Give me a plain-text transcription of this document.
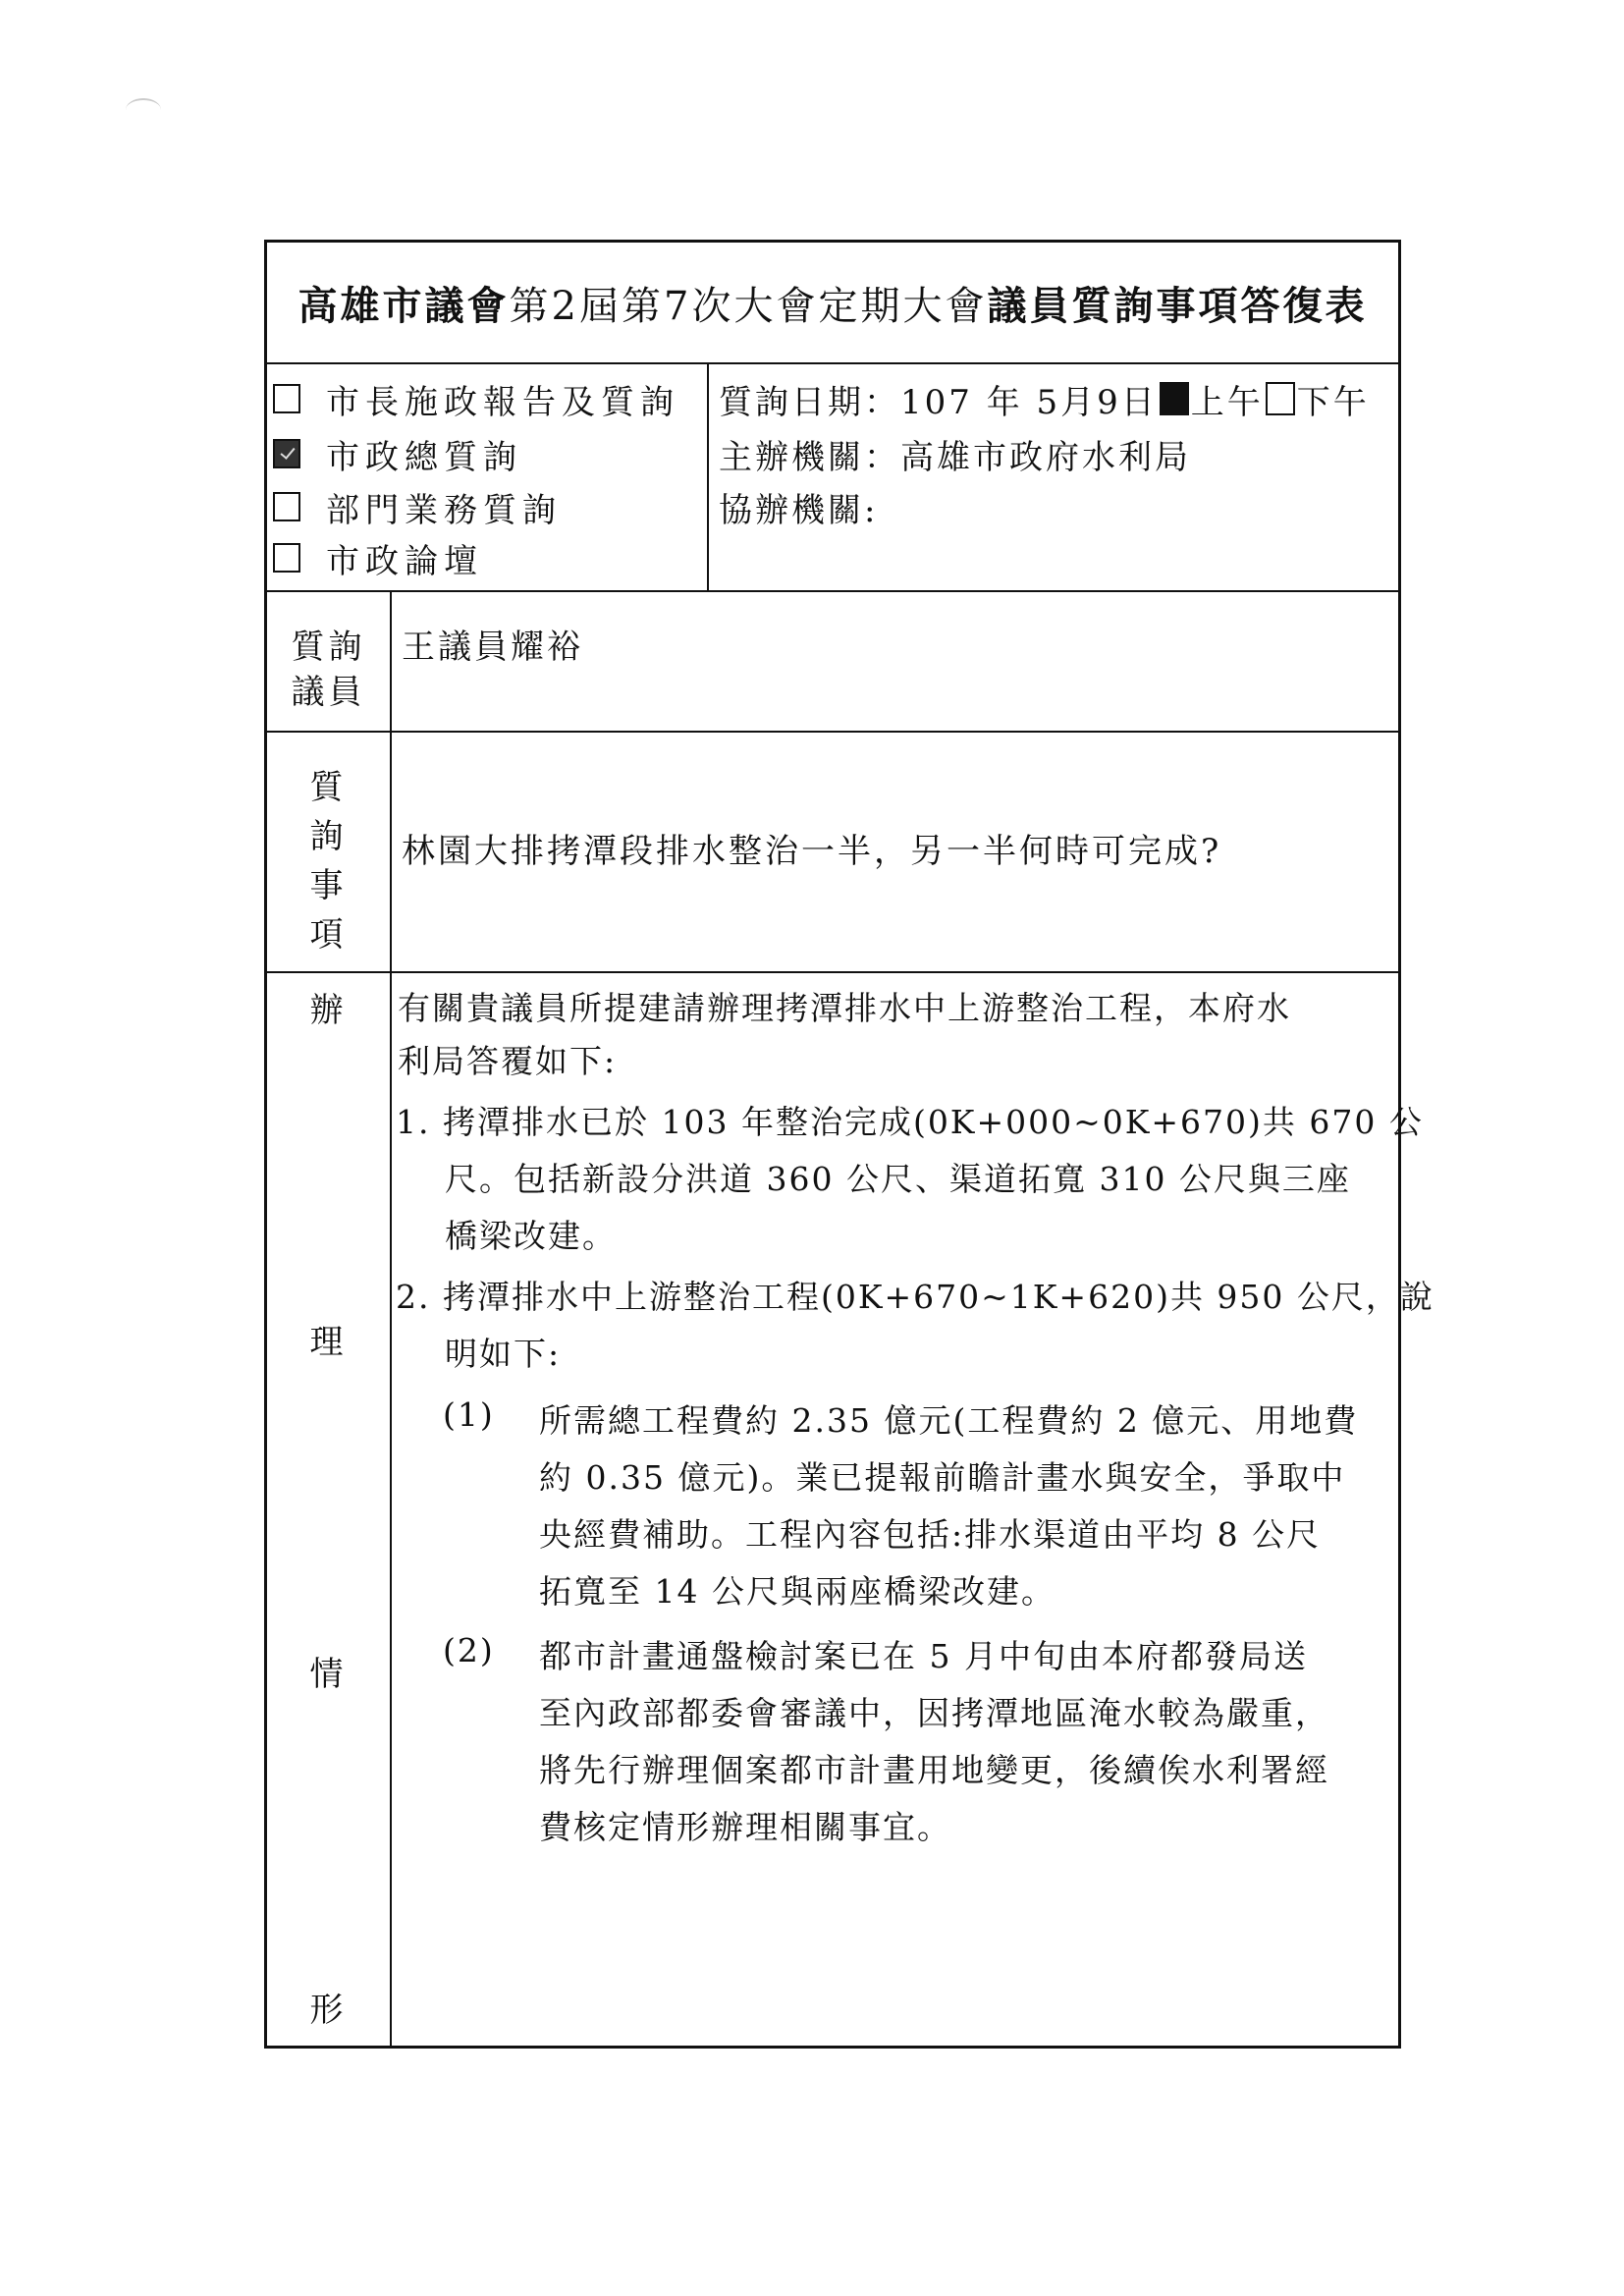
高雄市議會 第2屆第7次大會定期大會 議員質詢事項答復表
市長施政報告及質詢
市政總質詢
部門業務質詢
市政論壇
質詢日期： 107 年 5月9日 上午 下午
主辦機關： 高雄市政府水利局
協辦機關:
質詢
議員
王議員耀裕
質
詢
事
項
林園大排拷潭段排水整治一半，另一半何時可完成?
辦
理
情
形
有關貴議員所提建請辦理拷潭排水中上游整治工程，本府水
利局答覆如下:
1. 拷潭排水已於 103 年整治完成(0K+000~0K+670)共 670 公
尺。包括新設分洪道 360 公尺、渠道拓寬 310 公尺與三座
橋梁改建。
2. 拷潭排水中上游整治工程(0K+670~1K+620)共 950 公尺，說
明如下:
(1) 所需總工程費約 2.35 億元(工程費約 2 億元、用地費
約 0.35 億元)。業已提報前瞻計畫水與安全，爭取中
央經費補助。工程內容包括:排水渠道由平均 8 公尺
拓寬至 14 公尺與兩座橋梁改建。
(2) 都市計畫通盤檢討案已在 5 月中旬由本府都發局送
至內政部都委會審議中，因拷潭地區淹水較為嚴重，
將先行辦理個案都市計畫用地變更，後續俟水利署經
費核定情形辦理相關事宜。
